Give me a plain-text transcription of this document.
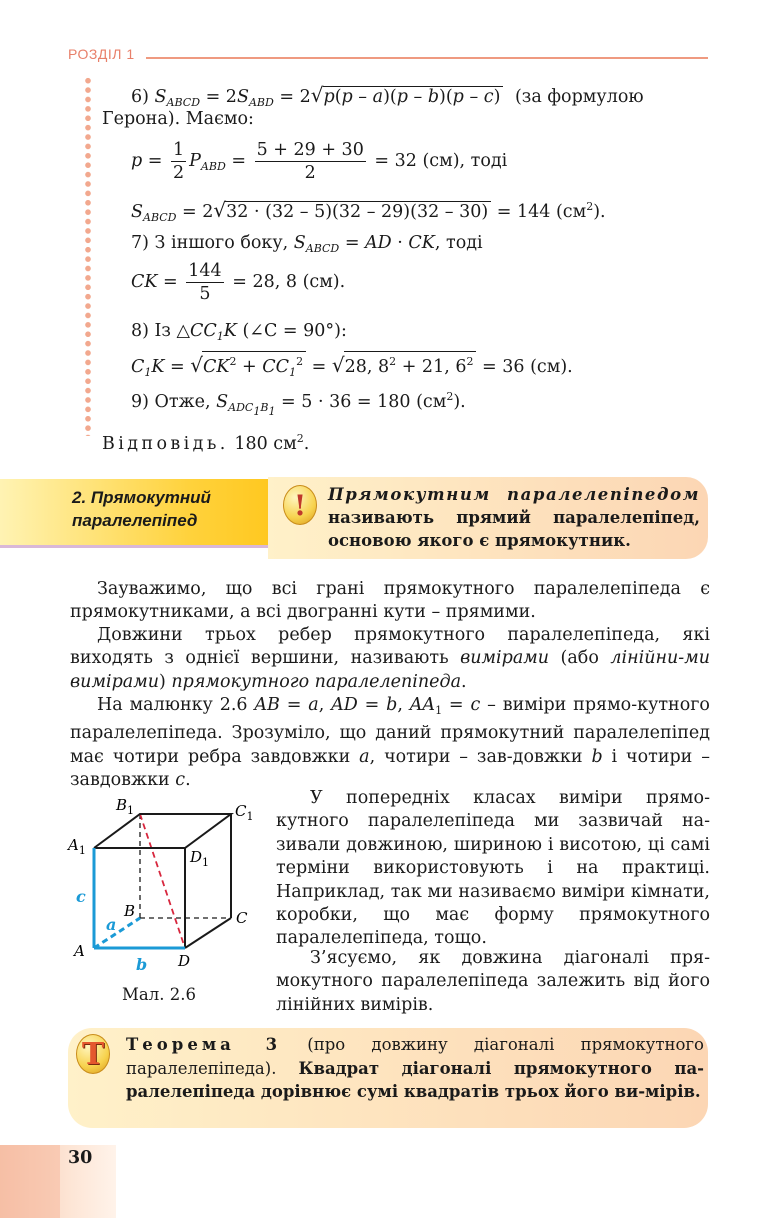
РОЗДІЛ 1
6) $S_{ABCD} = 2S_{ABD} = 2√p(p - a)(p - b)(p - c)$ (за формулою
Герона). Маємо:
$p = \frac{1}{2} P_{ABD} = \frac{5 + 29 + 30}{2} = 32$ (см), тоді
$S_{ABCD} = 2√32 \cdot (32 - 5)(32 - 29)(32 - 30) = 144$ $(см^2)$.
7) З іншого боку, $S_{ABCD}$ = AD · CK, тоді
CK = $\frac{144}{5} = 28$, 8 (см).
8) Із $\triangle CC_1K$ (∠C = 90°):
$C_1K = √CK^2 + CC_1^2 = √28$, $8^2 + 21$, $6^2 = 36$ (см).
9) Отже, $S_{ADC_1B_1} = 5 \cdot 36 = 180$ $(см^2)$.
Відповідь. 180 $см^2$.
2. Прямокутний
паралелепіпед	!	Прямокутним паралелепіпедом називають прямий паралелепіпед, основою якого є прямокутник.
Зауважимо, що всі грані прямокутного паралелепіпеда є прямокутниками, а всі двогранні кути – прямими.
Довжини трьох ребер прямокутного паралелепіпеда, які виходять з однієї вершини, називають вимірами (або лінійни-ми вимірами) прямокутного паралелепіпеда.
На малюнку 2.6 AB = a, AD = b, $AA_1 = c$ – виміри прямо-кутного паралелепіпеда. Зрозуміло, що даний прямокутний паралелепіпед має чотири ребра завдовжки a, чотири – зав-довжки b і чотири – завдовжки c.
У попередніх класах виміри прямо-кутного паралелепіпеда ми зазвичай на-зивали довжиною, шириною і висотою, ці самі терміни використовують і на практиці. Наприклад, так ми називаємо виміри кімнати, коробки, що має форму прямокутного паралелепіпеда, тощо.
З’ясуємо, як довжина діагоналі пря-мокутного паралелепіпеда залежить від його лінійних вимірів.
A
B	C
D
$A_1$
$B_1$	$C_1$
$D_1$
a
b
c
Мал. 2.6
T	Теорема 3 (про довжину діагоналі прямокутного паралелепіпеда). Квадрат діагоналі прямокутного па-ралелепіпеда дорівнює сумі квадратів трьох його ви-мірів.
30
